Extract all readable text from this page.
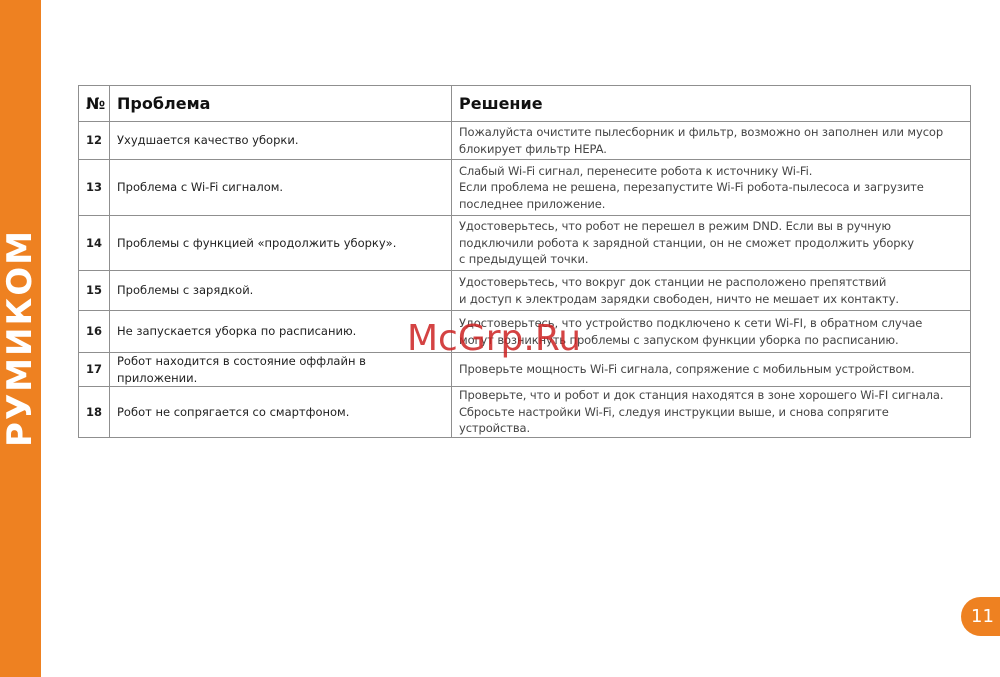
РУМИКОМ
№	Проблема	Решение
12	Ухудшается качество уборки.	Пожалуйста очистите пылесборник и фильтр, возможно он заполнен или мусор
блокирует фильтр HEPA.
13	Проблема с Wi-Fi сигналом.	Слабый Wi-Fi сигнал, перенесите робота к источнику Wi-Fi.
Если проблема не решена, перезапустите Wi-Fi робота-пылесоса и загрузите
последнее приложение.
14	Проблемы с функцией «продолжить уборку».	Удостоверьтесь, что робот не перешел в режим DND. Если вы в ручную
подключили робота к зарядной станции, он не сможет продолжить уборку
с предыдущей точки.
15	Проблемы с зарядкой.	Удостоверьтесь, что вокруг док станции не расположено препятствий
и доступ к электродам зарядки свободен, ничто не мешает их контакту.
16	Не запускается уборка по расписанию.	Удостоверьтесь, что устройство подключено к сети Wi-FI, в обратном случае
могут возникнуть проблемы с запуском функции уборка по расписанию.
17	Робот находится в состояние оффлайн в приложении.	Проверьте мощность Wi-Fi сигнала, сопряжение с мобильным устройством.
18	Робот не сопрягается со смартфоном.	Проверьте, что и робот и док станция находятся в зоне хорошего Wi-FI сигнала.
Сбросьте настройки Wi-Fi, следуя инструкции выше, и снова сопрягите устройства.
McGrp.Ru
11
